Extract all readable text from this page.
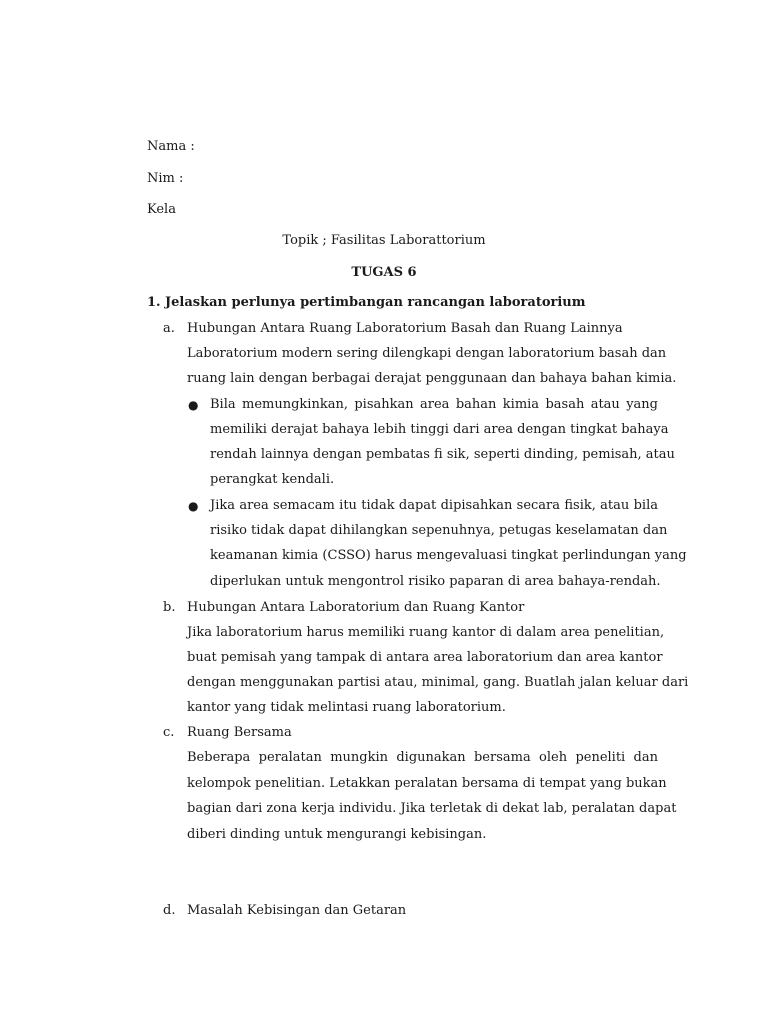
Nama :
Nim :
Kela
Topik ; Fasilitas Laborattorium
TUGAS 6
1. Jelaskan perlunya pertimbangan rancangan laboratorium
a. Hubungan Antara Ruang Laboratorium Basah dan Ruang Lainnya
Laboratorium modern sering dilengkapi dengan laboratorium basah dan
ruang lain dengan berbagai derajat penggunaan dan bahaya bahan kimia.
● Bila memungkinkan, pisahkan area bahan kimia basah atau yang
memiliki derajat bahaya lebih tinggi dari area dengan tingkat bahaya
rendah lainnya dengan pembatas fi sik, seperti dinding, pemisah, atau
perangkat kendali.
● Jika area semacam itu tidak dapat dipisahkan secara fisik, atau bila
risiko tidak dapat dihilangkan sepenuhnya, petugas keselamatan dan
keamanan kimia (CSSO) harus mengevaluasi tingkat perlindungan yang
diperlukan untuk mengontrol risiko paparan di area bahaya-rendah.
b. Hubungan Antara Laboratorium dan Ruang Kantor
Jika laboratorium harus memiliki ruang kantor di dalam area penelitian,
buat pemisah yang tampak di antara area laboratorium dan area kantor
dengan menggunakan partisi atau, minimal, gang. Buatlah jalan keluar dari
kantor yang tidak melintasi ruang laboratorium.
c. Ruang Bersama
Beberapa peralatan mungkin digunakan bersama oleh peneliti dan
kelompok penelitian. Letakkan peralatan bersama di tempat yang bukan
bagian dari zona kerja individu. Jika terletak di dekat lab, peralatan dapat
diberi dinding untuk mengurangi kebisingan.
d. Masalah Kebisingan dan Getaran
